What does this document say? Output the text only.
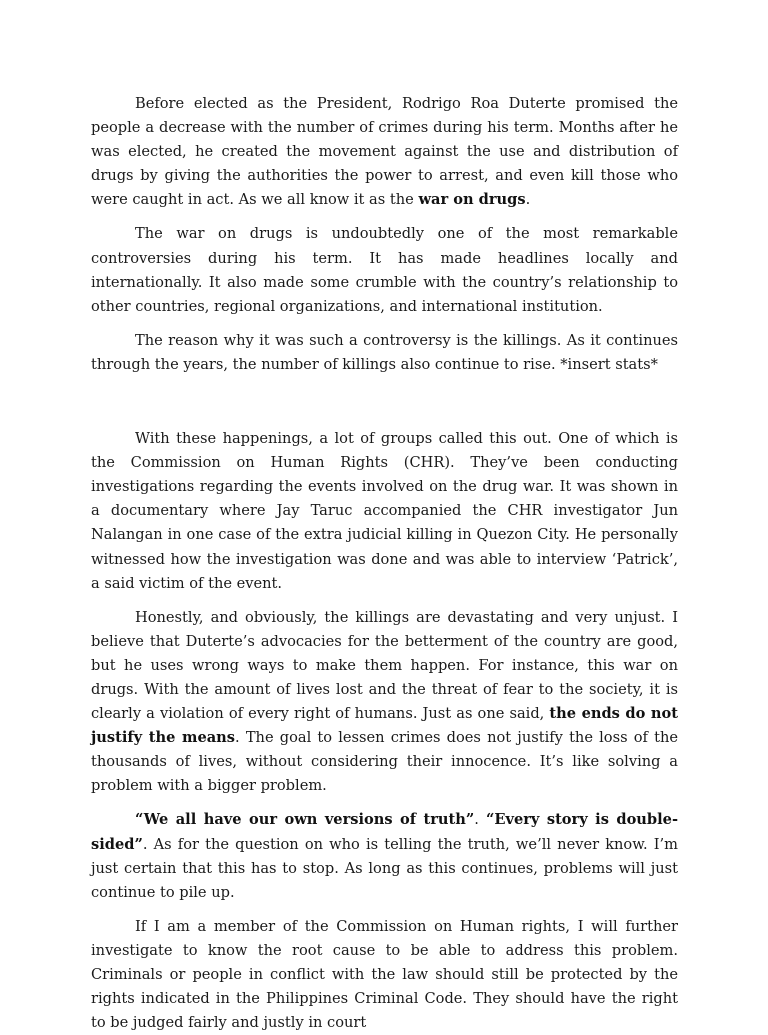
Before elected as the President, Rodrigo Roa Duterte promised the people a decrease with the number of crimes during his term. Months after he was elected, he created the movement against the use and distribution of drugs by giving the authorities the power to arrest, and even kill those who were caught in act. As we all know it as the war on drugs.

The war on drugs is undoubtedly one of the most remarkable controversies during his term. It has made headlines locally and internationally. It also made some crumble with the country’s relationship to other countries, regional organizations, and international institution.

The reason why it was such a controversy is the killings. As it continues through the years, the number of killings also continue to rise. *insert stats*

With these happenings, a lot of groups called this out. One of which is the Commission on Human Rights (CHR). They’ve been conducting investigations regarding the events involved on the drug war. It was shown in a documentary where Jay Taruc accompanied the CHR investigator Jun Nalangan in one case of the extra judicial killing in Quezon City. He personally witnessed how the investigation was done and was able to interview ‘Patrick’, a said victim of the event.

Honestly, and obviously, the killings are devastating and very unjust. I believe that Duterte’s advocacies for the betterment of the country are good, but he uses wrong ways to make them happen. For instance, this war on drugs. With the amount of lives lost and the threat of fear to the society, it is clearly a violation of every right of humans. Just as one said, the ends do not justify the means. The goal to lessen crimes does not justify the loss of the thousands of lives, without considering their innocence. It’s like solving a problem with a bigger problem.

“We all have our own versions of truth”. “Every story is double-sided”. As for the question on who is telling the truth, we’ll never know. I’m just certain that this has to stop. As long as this continues, problems will just continue to pile up.

If I am a member of the Commission on Human rights, I will further investigate to know the root cause to be able to address this problem. Criminals or people in conflict with the law should still be protected by the rights indicated in the Philippines Criminal Code. They should have the right to be judged fairly and justly in court
